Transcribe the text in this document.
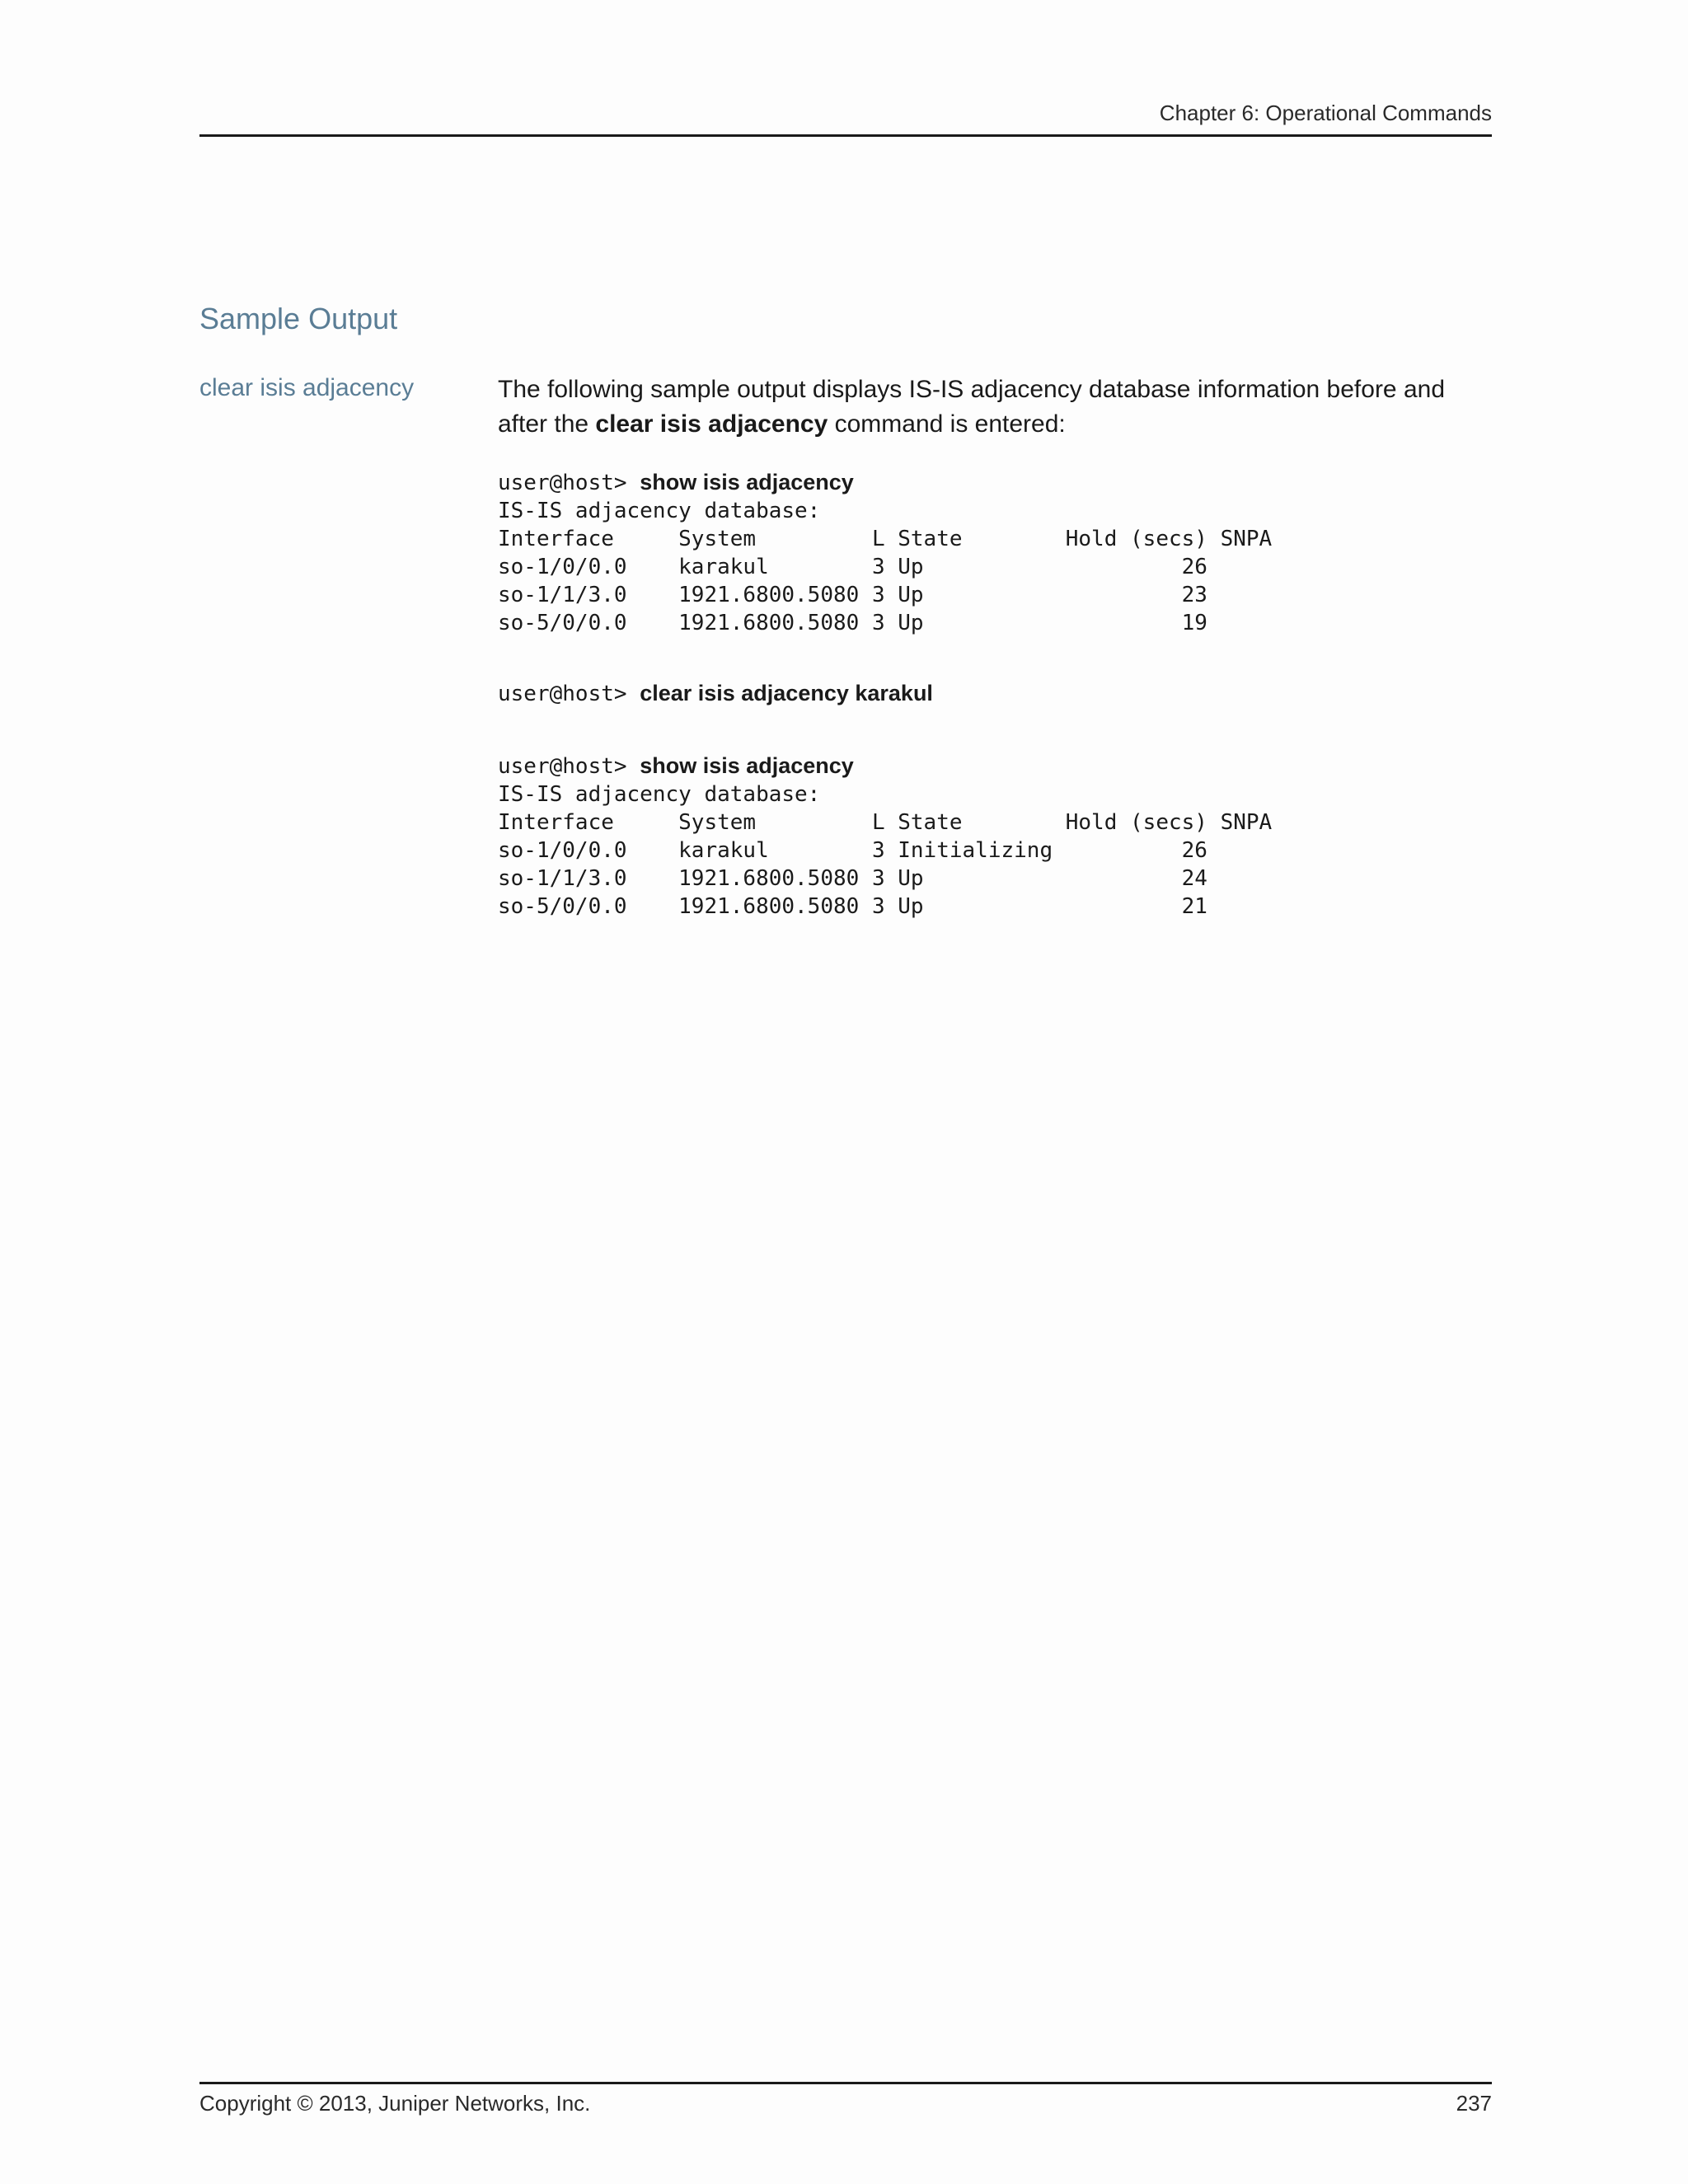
Chapter 6: Operational Commands
Sample Output
clear isis adjacency	The following sample output displays IS-IS adjacency database information before and after the clear isis adjacency command is entered:
user@host> show isis adjacency
IS-IS adjacency database:
Interface     System         L State        Hold (secs) SNPA
so-1/0/0.0    karakul        3 Up                    26
so-1/1/3.0    1921.6800.5080 3 Up                    23
so-5/0/0.0    1921.6800.5080 3 Up                    19
user@host> clear isis adjacency karakul
user@host> show isis adjacency
IS-IS adjacency database:
Interface     System         L State        Hold (secs) SNPA
so-1/0/0.0    karakul        3 Initializing          26
so-1/1/3.0    1921.6800.5080 3 Up                    24
so-5/0/0.0    1921.6800.5080 3 Up                    21
Copyright © 2013, Juniper Networks, Inc.	237
